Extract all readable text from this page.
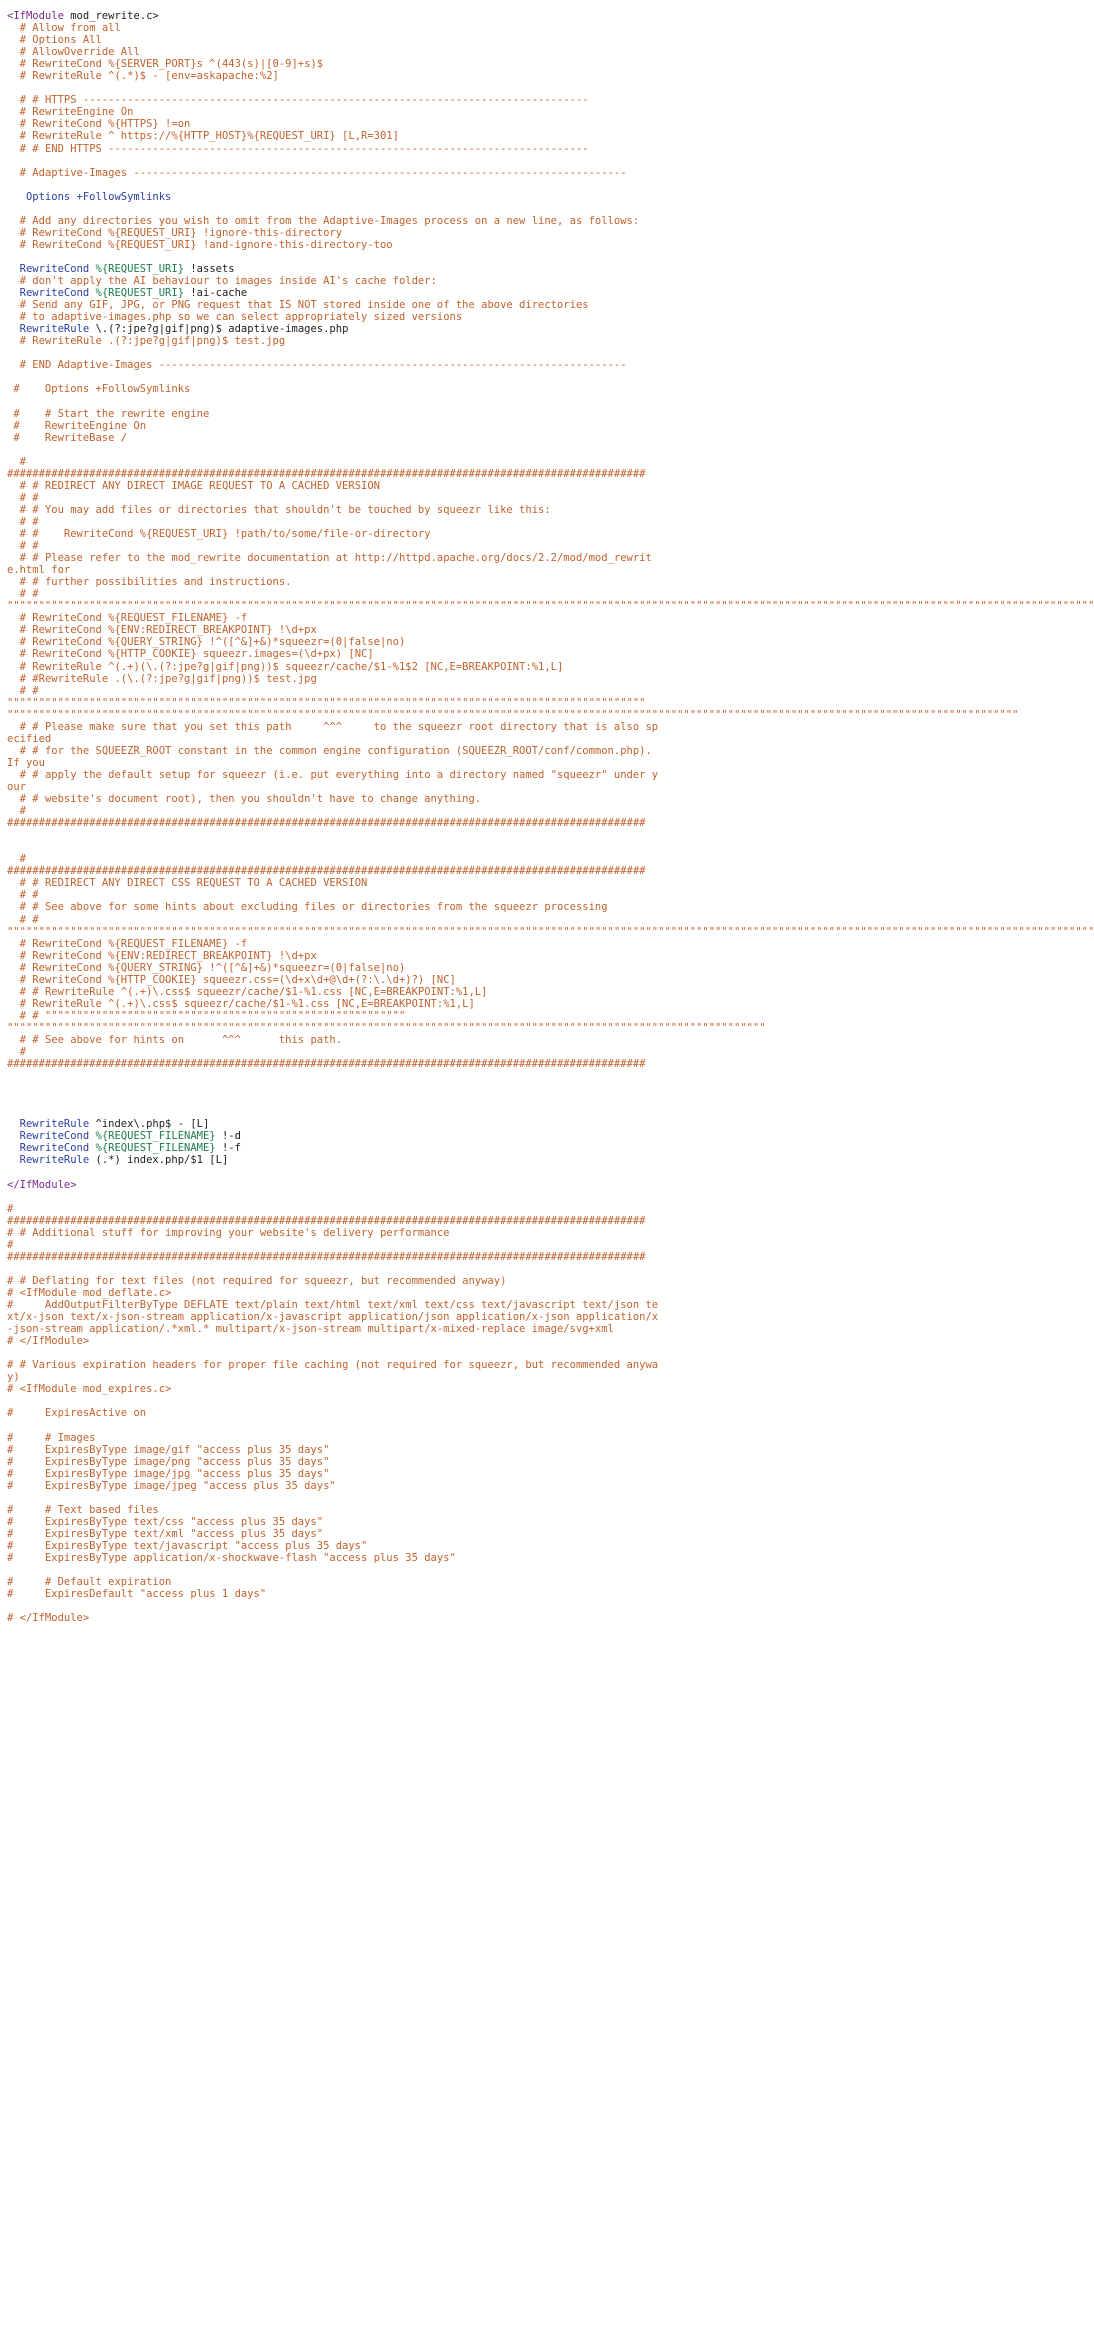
<IfModule mod_rewrite.c>
# Allow from all
# Options All
# AllowOverride All
# RewriteCond %{SERVER_PORT}s ^(443(s)|[0-9]+s)$
# RewriteRule ^(.*)$ - [env=askapache:%2]
# # HTTPS --------------------------------------------------------------------------------
# RewriteEngine On
# RewriteCond %{HTTPS} !=on
# RewriteRule ^ https://%{HTTP_HOST}%{REQUEST_URI} [L,R=301]
# # END HTTPS ----------------------------------------------------------------------------
# Adaptive-Images ------------------------------------------------------------------------------
Options +FollowSymlinks
# Add any directories you wish to omit from the Adaptive-Images process on a new line, as follows:
# RewriteCond %{REQUEST_URI} !ignore-this-directory
# RewriteCond %{REQUEST_URI} !and-ignore-this-directory-too
RewriteCond %{REQUEST_URI} !assets
# don't apply the AI behaviour to images inside AI's cache folder:
RewriteCond %{REQUEST_URI} !ai-cache
# Send any GIF, JPG, or PNG request that IS NOT stored inside one of the above directories
# to adaptive-images.php so we can select appropriately sized versions
RewriteRule \.(?:jpe?g|gif|png)$ adaptive-images.php
# RewriteRule .(?:jpe?g|gif|png)$ test.jpg
# END Adaptive-Images --------------------------------------------------------------------------
#    Options +FollowSymlinks
#    # Start the rewrite engine
#    RewriteEngine On
#    RewriteBase /
#
#####################################################################################################
# # REDIRECT ANY DIRECT IMAGE REQUEST TO A CACHED VERSION
# #
# # You may add files or directories that shouldn't be touched by squeezr like this:
# #
# #    RewriteCond %{REQUEST_URI} !path/to/some/file-or-directory
# #
# # Please refer to the mod_rewrite documentation at http://httpd.apache.org/docs/2.2/mod/mod_rewrite.html for
# # further possibilities and instructions.
# #
""""""""""""""""""""""""""""""""""""""""""""""""""""""""""""""""""""""""""""""""""""""""""""""""""""""""""""""""""""""""""""""""""""""""""""""""""""""""""""""""""""""""""""
# RewriteCond %{REQUEST_FILENAME} -f
# RewriteCond %{ENV:REDIRECT_BREAKPOINT} !\d+px
# RewriteCond %{QUERY_STRING} !^([^&]+&)*squeezr=(0|false|no)
# RewriteCond %{HTTP_COOKIE} squeezr.images=(\d+px) [NC]
# RewriteRule ^(.+)(\.(?:jpe?g|gif|png))$ squeezr/cache/$1-%1$2 [NC,E=BREAKPOINT:%1,L]
# #RewriteRule .(\.(?:jpe?g|gif|png))$ test.jpg
# # """""""""""""""""""""""""""""""""""""""""""""""""""""""""""""""""""""""""""""""""""""""""""""""""""""
""""""""""""""""""""""""""""""""""""""""""""""""""""""""""""""""""""""""""""""""""""""""""""""""""""""""""""""""""""""""""""""""""""""""""""""""""""""""""""""""
# # Please make sure that you set this path     ^^^     to the squeezr root directory that is also specified
# # for the SQUEEZR_ROOT constant in the common engine configuration (SQUEEZR_ROOT/conf/common.php). If you
# # apply the default setup for squeezr (i.e. put everything into a directory named "squeezr" under your
# # website's document root), then you shouldn't have to change anything.
#
#####################################################################################################
#
#####################################################################################################
# # REDIRECT ANY DIRECT CSS REQUEST TO A CACHED VERSION
# #
# # See above for some hints about excluding files or directories from the squeezr processing
# #
""""""""""""""""""""""""""""""""""""""""""""""""""""""""""""""""""""""""""""""""""""""""""""""""""""""""""""""""""""""""""""""""""""""""""""""""""""""""""""""""""""""""""""
# RewriteCond %{REQUEST_FILENAME} -f
# RewriteCond %{ENV:REDIRECT_BREAKPOINT} !\d+px
# RewriteCond %{QUERY_STRING} !^([^&]+&)*squeezr=(0|false|no)
# RewriteCond %{HTTP_COOKIE} squeezr.css=(\d+x\d+@\d+(?:\.\d+)?) [NC]
# # RewriteRule ^(.+)\.css$ squeezr/cache/$1-%1.css [NC,E=BREAKPOINT:%1,L]
# RewriteRule ^(.+)\.css$ squeezr/cache/$1-%1.css [NC,E=BREAKPOINT:%1,L]
# # """""""""""""""""""""""""""""""""""""""""""""""""""""""""
""""""""""""""""""""""""""""""""""""""""""""""""""""""""""""""""""""""""""""""""""""""""""""""""""""""""""""""""""""""""
# # See above for hints on      ^^^      this path.
#
#####################################################################################################
RewriteRule ^index\.php$ - [L]
RewriteCond %{REQUEST_FILENAME} !-d
RewriteCond %{REQUEST_FILENAME} !-f
RewriteRule (.*) index.php/$1 [L]
</IfModule>
#
#####################################################################################################
# # Additional stuff for improving your website's delivery performance
#
#####################################################################################################
# # Deflating for text files (not required for squeezr, but recommended anyway)
# <IfModule mod_deflate.c>
#     AddOutputFilterByType DEFLATE text/plain text/html text/xml text/css text/javascript text/json text/x-json text/x-json-stream application/x-javascript application/json application/x-json application/x-json-stream application/.*xml.* multipart/x-json-stream multipart/x-mixed-replace image/svg+xml
# </IfModule>
# # Various expiration headers for proper file caching (not required for squeezr, but recommended anyway)
# <IfModule mod_expires.c>
#     ExpiresActive on
#     # Images
#     ExpiresByType image/gif "access plus 35 days"
#     ExpiresByType image/png "access plus 35 days"
#     ExpiresByType image/jpg "access plus 35 days"
#     ExpiresByType image/jpeg "access plus 35 days"
#     # Text based files
#     ExpiresByType text/css "access plus 35 days"
#     ExpiresByType text/xml "access plus 35 days"
#     ExpiresByType text/javascript "access plus 35 days"
#     ExpiresByType application/x-shockwave-flash "access plus 35 days"
#     # Default expiration
#     ExpiresDefault "access plus 1 days"
# </IfModule>
